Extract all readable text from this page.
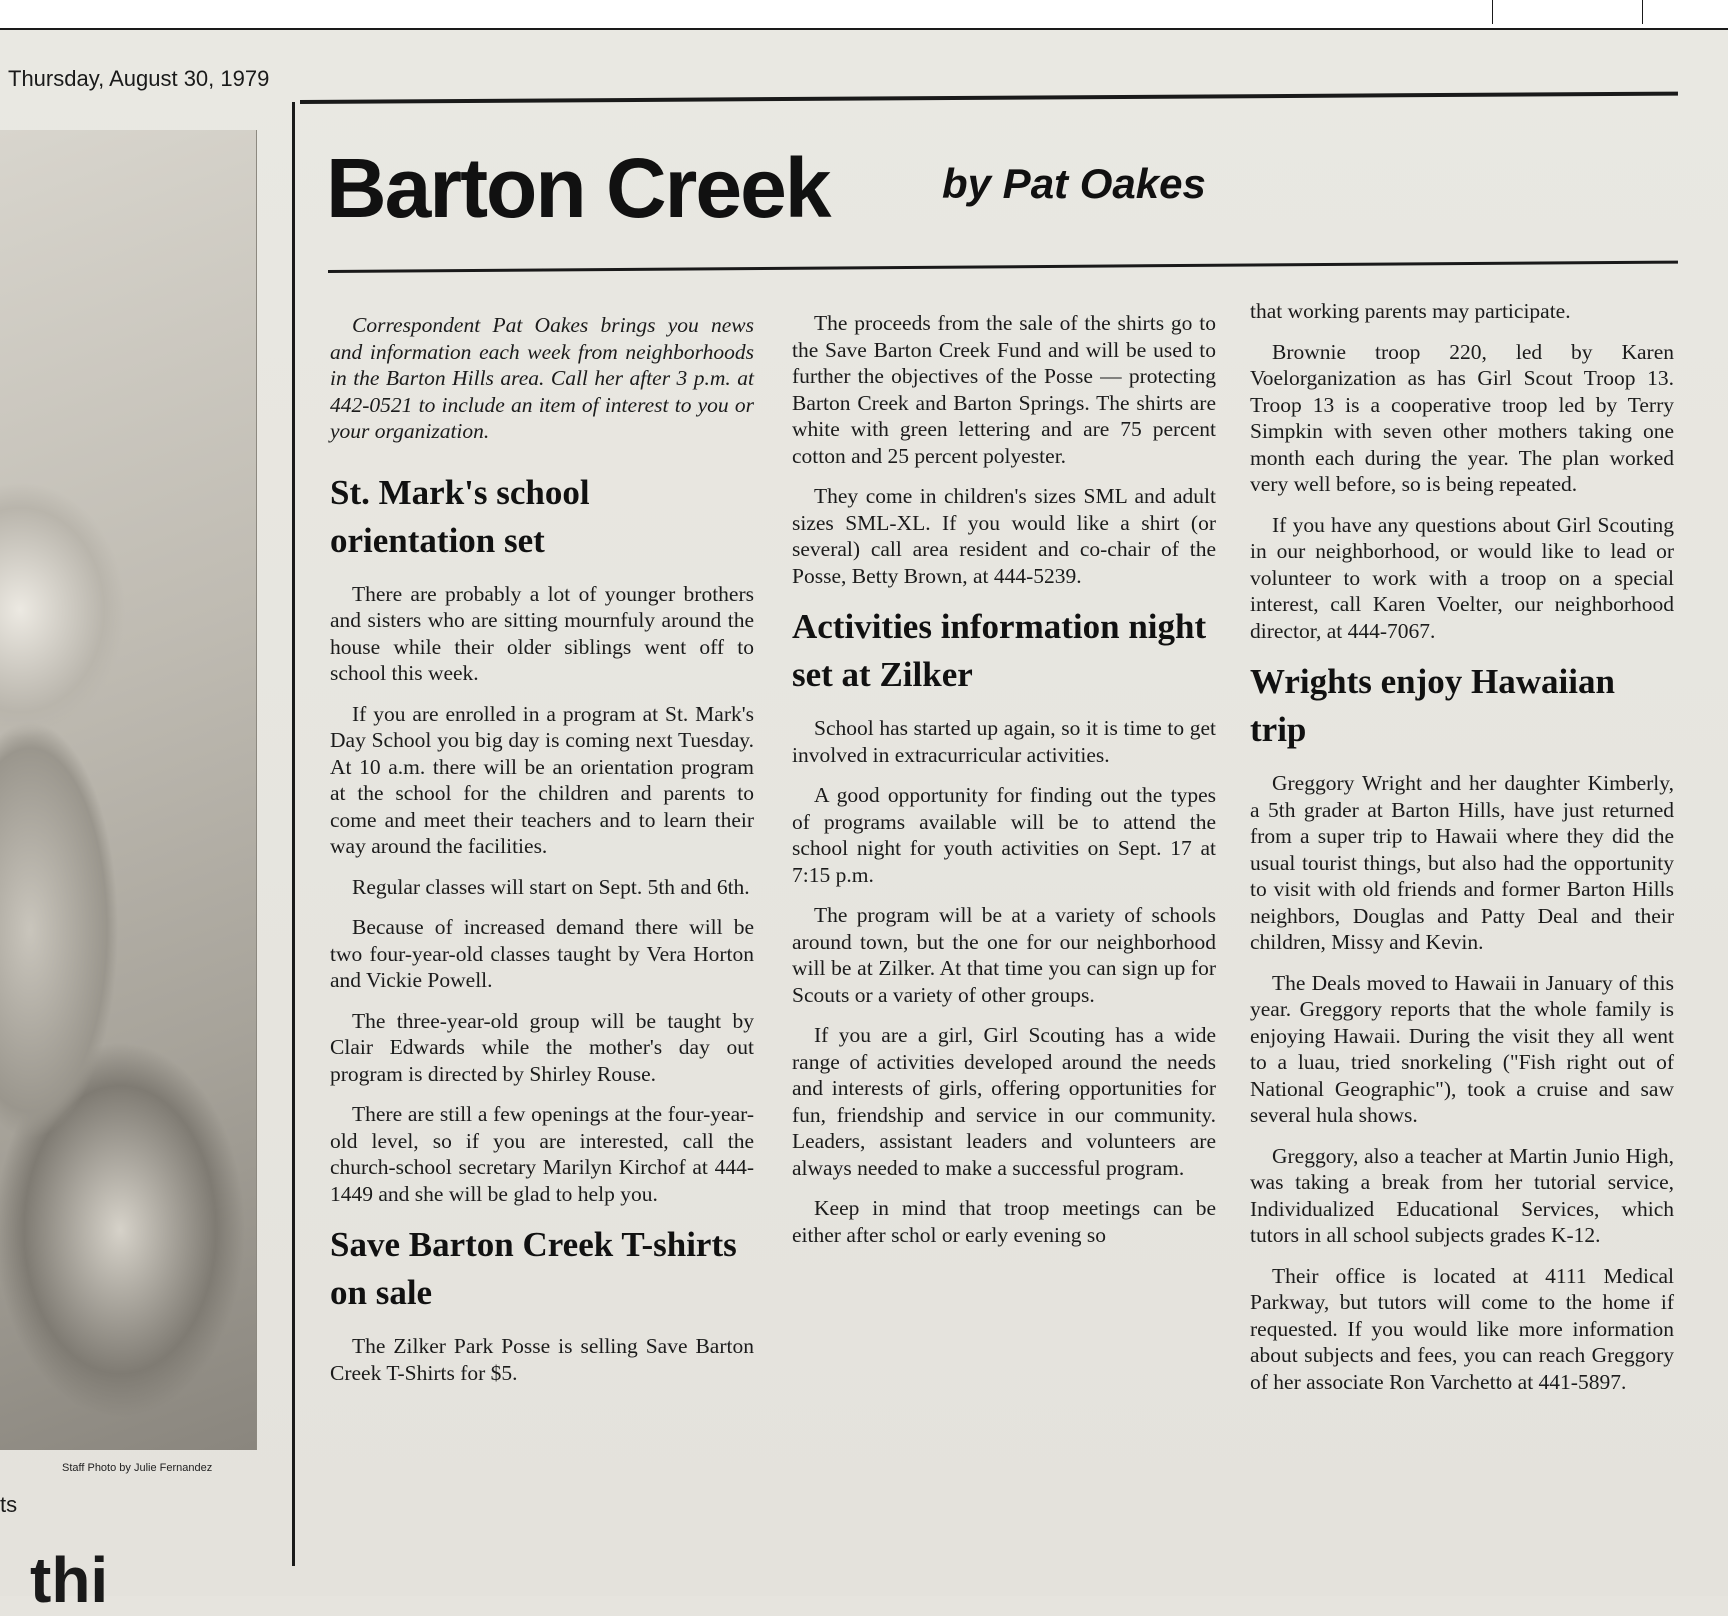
Thursday, August 30, 1979
Staff Photo by Julie Fernandez
ts
thi
Barton Creek	by Pat Oakes

Correspondent Pat Oakes brings you news and information each week from neighborhoods in the Barton Hills area. Call her after 3 p.m. at 442-0521 to include an item of interest to you or your organization.

St. Mark's school orientation set

There are probably a lot of younger brothers and sisters who are sitting mournfuly around the house while their older siblings went off to school this week.

If you are enrolled in a program at St. Mark's Day School you big day is coming next Tuesday. At 10 a.m. there will be an orientation program at the school for the children and parents to come and meet their teachers and to learn their way around the facilities.

Regular classes will start on Sept. 5th and 6th.

Because of increased demand there will be two four-year-old classes taught by Vera Horton and Vickie Powell.

The three-year-old group will be taught by Clair Edwards while the mother's day out program is directed by Shirley Rouse.

There are still a few openings at the four-year-old level, so if you are interested, call the church-school secretary Marilyn Kirchof at 444-1449 and she will be glad to help you.

Save Barton Creek T-shirts on sale

The Zilker Park Posse is selling Save Barton Creek T-Shirts for $5.

The proceeds from the sale of the shirts go to the Save Barton Creek Fund and will be used to further the objectives of the Posse — protecting Barton Creek and Barton Springs. The shirts are white with green lettering and are 75 percent cotton and 25 percent polyester.

They come in children's sizes SML and adult sizes SML-XL. If you would like a shirt (or several) call area resident and co-chair of the Posse, Betty Brown, at 444-5239.

Activities information night set at Zilker

School has started up again, so it is time to get involved in extracurricular activities.

A good opportunity for finding out the types of programs available will be to attend the school night for youth activities on Sept. 17 at 7:15 p.m.

The program will be at a variety of schools around town, but the one for our neighborhood will be at Zilker. At that time you can sign up for Scouts or a variety of other groups.

If you are a girl, Girl Scouting has a wide range of activities developed around the needs and interests of girls, offering opportunities for fun, friendship and service in our community. Leaders, assistant leaders and volunteers are always needed to make a successful program.

Keep in mind that troop meetings can be either after schol or early evening so

that working parents may participate.

Brownie troop 220, led by Karen Voelorganization as has Girl Scout Troop 13. Troop 13 is a cooperative troop led by Terry Simpkin with seven other mothers taking one month each during the year. The plan worked very well before, so is being repeated.

If you have any questions about Girl Scouting in our neighborhood, or would like to lead or volunteer to work with a troop on a special interest, call Karen Voelter, our neighborhood director, at 444-7067.

Wrights enjoy Hawaiian trip

Greggory Wright and her daughter Kimberly, a 5th grader at Barton Hills, have just returned from a super trip to Hawaii where they did the usual tourist things, but also had the opportunity to visit with old friends and former Barton Hills neighbors, Douglas and Patty Deal and their children, Missy and Kevin.

The Deals moved to Hawaii in January of this year. Greggory reports that the whole family is enjoying Hawaii. During the visit they all went to a luau, tried snorkeling ("Fish right out of National Geographic"), took a cruise and saw several hula shows.

Greggory, also a teacher at Martin Junio High, was taking a break from her tutorial service, Individualized Educational Services, which tutors in all school subjects grades K-12.

Their office is located at 4111 Medical Parkway, but tutors will come to the home if requested. If you would like more information about subjects and fees, you can reach Greggory of her associate Ron Varchetto at 441-5897.
